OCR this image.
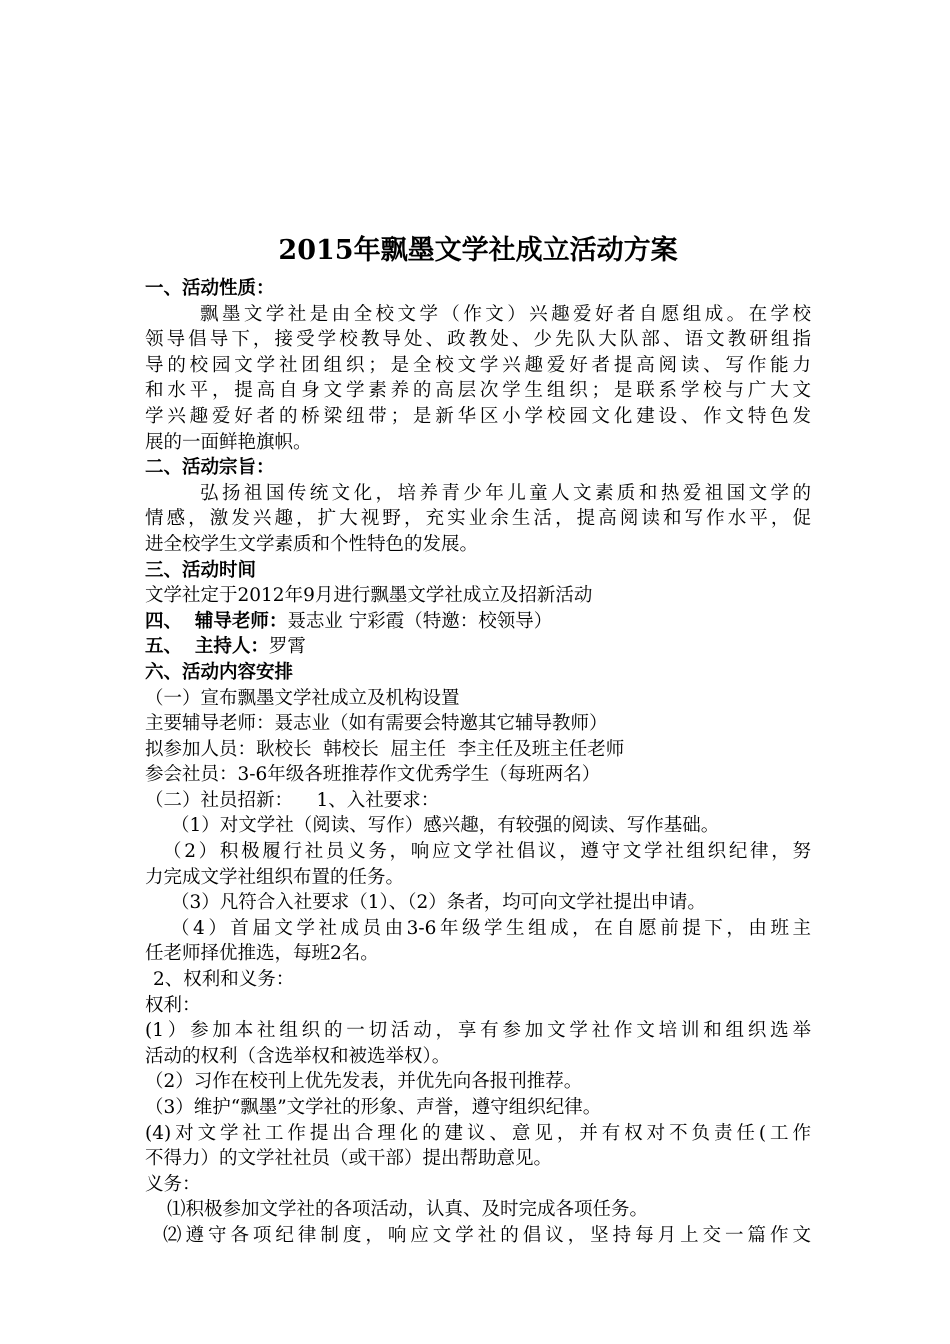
2015年飘墨文学社成立活动方案
一、活动性质：
飘墨文学社是由全校文学（作文）兴趣爱好者自愿组成。在学校
领导倡导下，接受学校教导处、政教处、少先队大队部、语文教研组指
导的校园文学社团组织；是全校文学兴趣爱好者提高阅读、写作能力
和水平，提高自身文学素养的高层次学生组织；是联系学校与广大文
学兴趣爱好者的桥梁纽带；是新华区小学校园文化建设、作文特色发
展的一面鲜艳旗帜。
二、活动宗旨：
弘扬祖国传统文化，培养青少年儿童人文素质和热爱祖国文学的
情感，激发兴趣，扩大视野，充实业余生活，提高阅读和写作水平，促
进全校学生文学素质和个性特色的发展。
三、活动时间
文学社定于2012年9月进行飘墨文学社成立及招新活动
四、  辅导老师：聂志业 宁彩霞（特邀：校领导）
五、  主持人：罗霄
六、活动内容安排
（一）宣布飘墨文学社成立及机构设置
主要辅导老师：聂志业（如有需要会特邀其它辅导教师）
拟参加人员：耿校长  韩校长  屈主任  李主任及班主任老师
参会社员：3-6年级各班推荐作文优秀学生（每班两名）
（二）社员招新：    1、入社要求：
（1）对文学社（阅读、写作）感兴趣，有较强的阅读、写作基础。
（2）积极履行社员义务，响应文学社倡议，遵守文学社组织纪律，努
力完成文学社组织布置的任务。
（3）凡符合入社要求（1）、（2）条者，均可向文学社提出申请。
（4）首届文学社成员由3-6年级学生组成，在自愿前提下，由班主
任老师择优推选，每班2名。
2、权利和义务：
权利：
(1）参加本社组织的一切活动，享有参加文学社作文培训和组织选举
活动的权利（含选举权和被选举权）。
（2）习作在校刊上优先发表，并优先向各报刊推荐。
（3）维护“飘墨”文学社的形象、声誉，遵守组织纪律。
(4)对文学社工作提出合理化的建议、意见，并有权对不负责任(工作
不得力）的文学社社员（或干部）提出帮助意见。
义务：
⑴积极参加文学社的各项活动，认真、及时完成各项任务。
⑵遵守各项纪律制度，响应文学社的倡议，坚持每月上交一篇作文
